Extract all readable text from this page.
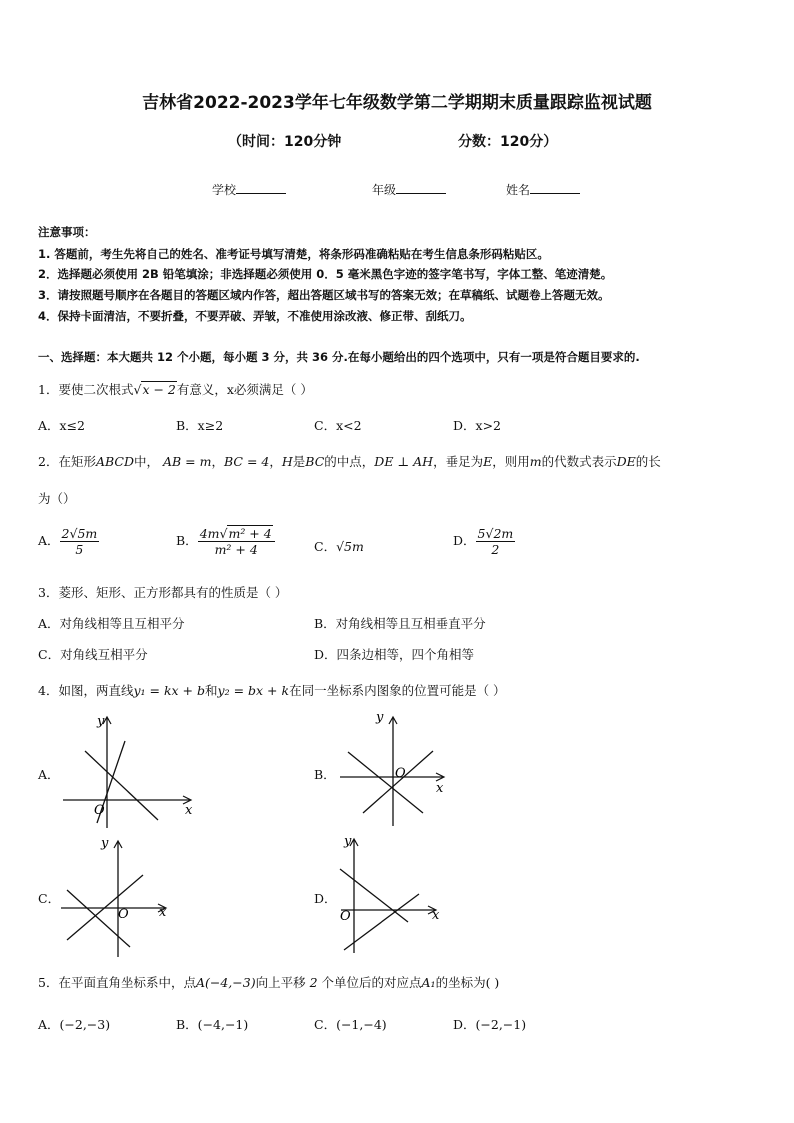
吉林省2022-2023学年七年级数学第二学期期末质量跟踪监视试题
（时间：120分钟	分数：120分）
学校	年级	姓名
注意事项：
1. 答题前，考生先将自己的姓名、准考证号填写清楚，将条形码准确粘贴在考生信息条形码粘贴区。
2．选择题必须使用 2B 铅笔填涂；非选择题必须使用 0．5 毫米黑色字迹的签字笔书写，字体工整、笔迹清楚。
3．请按照题号顺序在各题目的答题区域内作答，超出答题区域书写的答案无效；在草稿纸、试题卷上答题无效。
4．保持卡面清洁，不要折叠，不要弄破、弄皱，不准使用涂改液、修正带、刮纸刀。
一、选择题：本大题共 12 个小题，每小题 3 分，共 36 分.在每小题给出的四个选项中，只有一项是符合题目要求的.
1．要使二次根式√x − 2有意义，x必须满足（ ）
A．x≤2	B．x≥2	C．x<2	D．x>2
2．在矩形ABCD中， AB = m，BC = 4，H是BC的中点，DE ⊥ AH，垂足为E，则用m的代数式表示DE的长
为（）
A． $\frac{2√5m}{5}$	B． $\frac{\text{4m√m² + 4}}{\text{m² + 4}}$	C．√5m	D． $\frac{5√2m}{2}$
3．菱形、矩形、正方形都具有的性质是（ ）
A．对角线相等且互相平分	B．对角线相等且互相垂直平分
C．对角线互相平分	D．四条边相等，四个角相等
4．如图，两直线y₁ = kx + b和y₂ = bx + k在同一坐标系内图象的位置可能是（ ）
A．	B．
C．	D．
y
x
O
y
x
O
y
x
O
y
x
O
5．在平面直角坐标系中，点A(−4,−3)向上平移 2 个单位后的对应点A₁的坐标为( )
A．(−2,−3)	B．(−4,−1)	C．(−1,−4)	D．(−2,−1)
